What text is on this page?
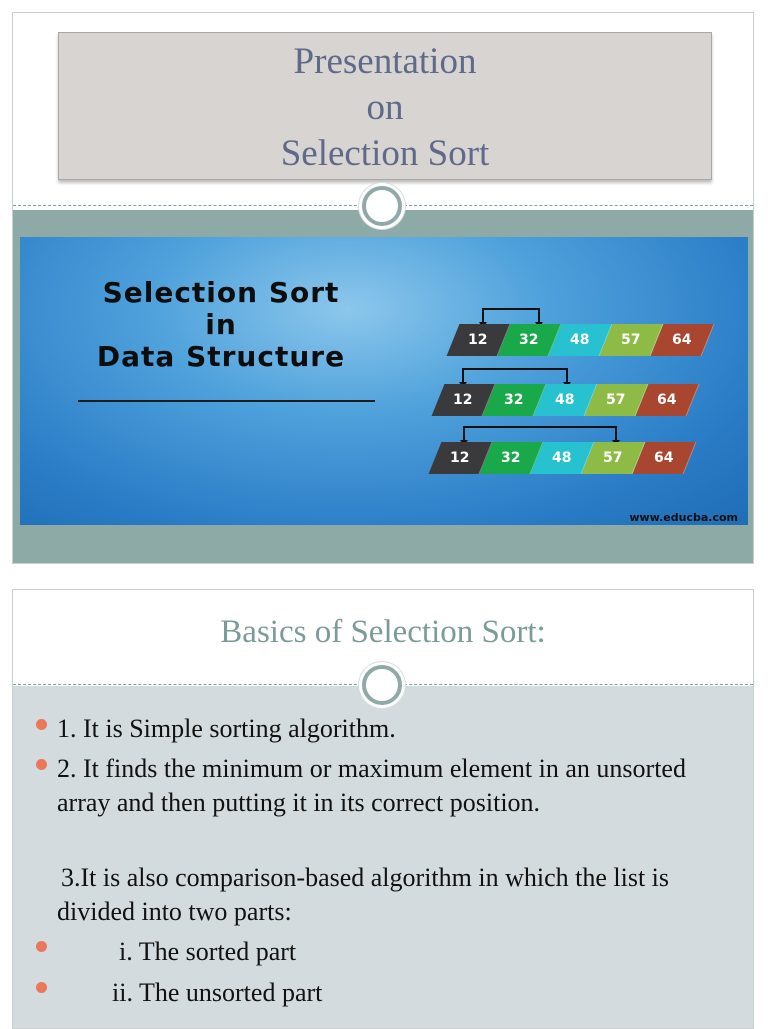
Presentation
on
Selection Sort
Selection Sort
in
Data Structure	12 32 48 57 64
12 32 48 57 64
12 32 48 57 64
www.educba.com
Basics of Selection Sort:
1. It is Simple sorting algorithm.
2. It finds the minimum or maximum element in an unsorted array and then putting it in its correct position.
3.It is also comparison-based algorithm in which the list is divided into two parts:
i. The sorted part
ii. The unsorted part
